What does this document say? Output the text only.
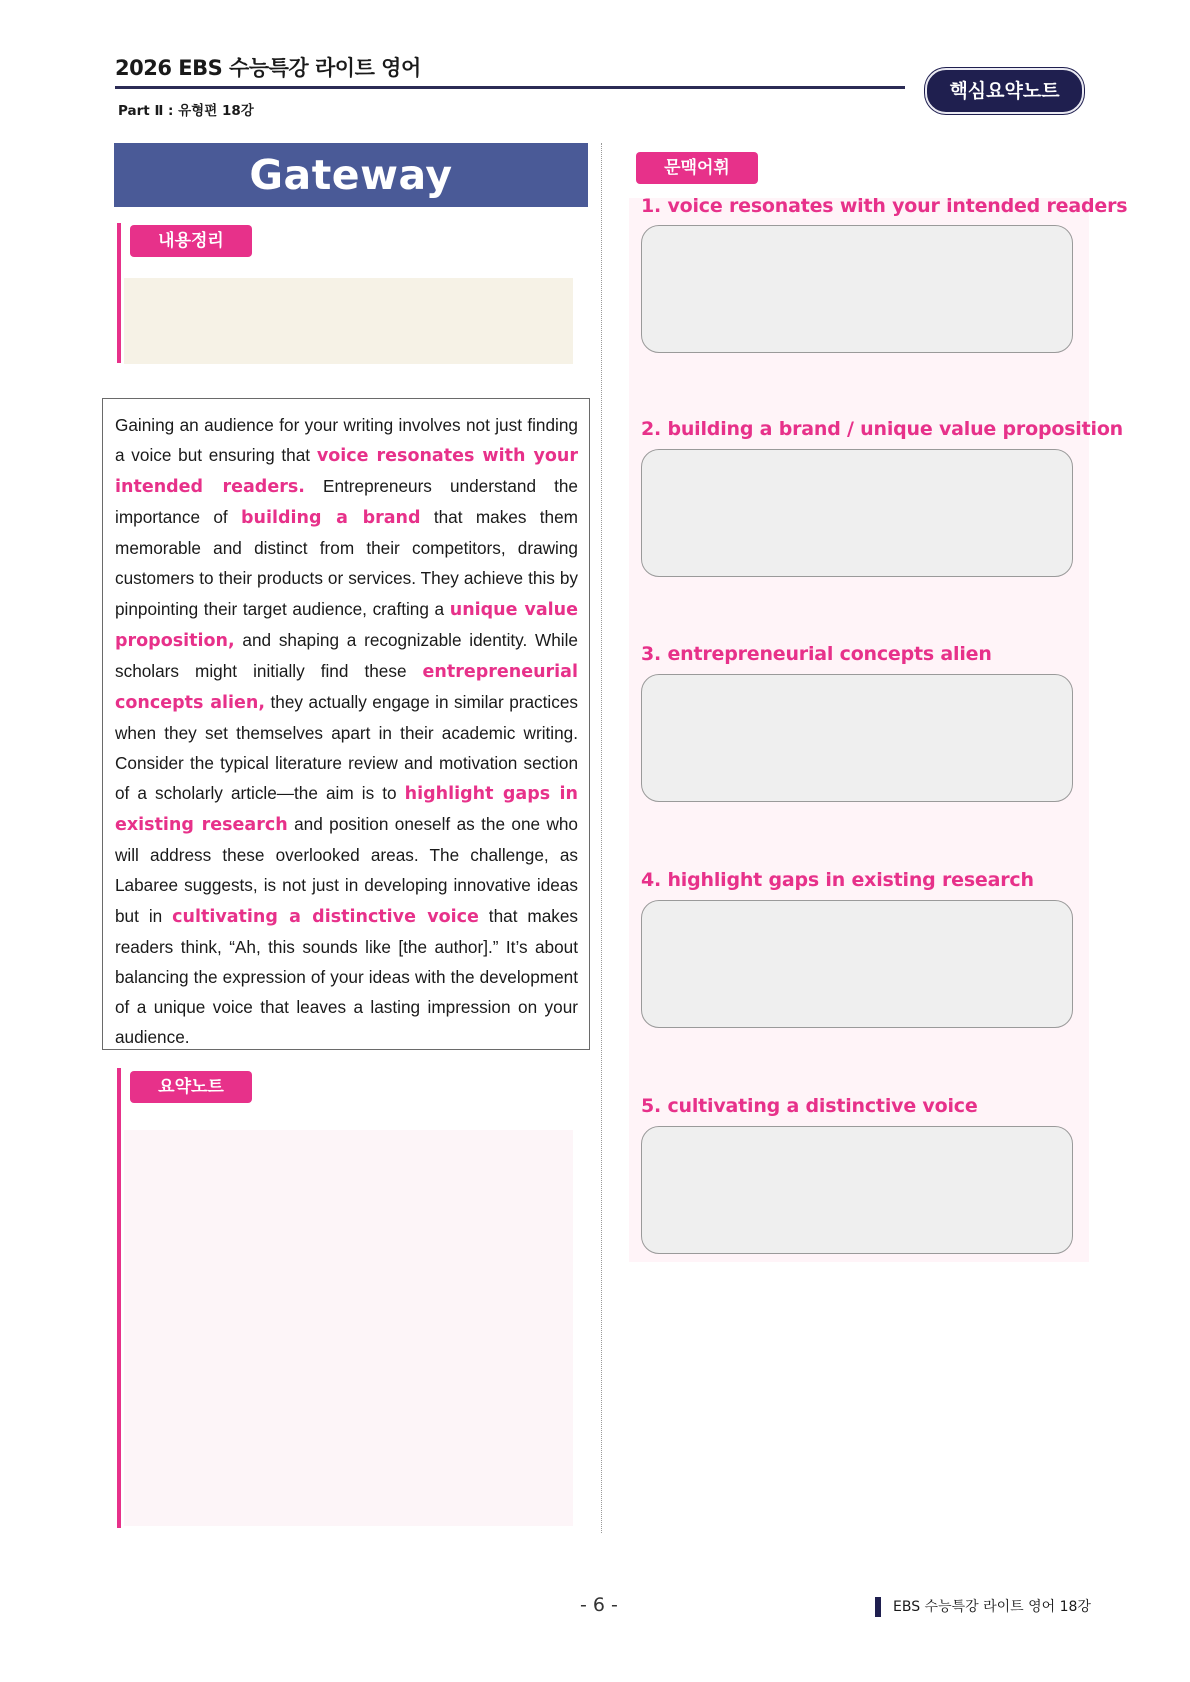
2026 EBS 수능특강 라이트 영어
Part Ⅱ : 유형편 18강
핵심요약노트
Gateway
내용정리

Gaining an audience for your writing involves not just finding a voice but ensuring that voice resonates with your intended readers. Entrepreneurs understand the importance of building a brand that makes them memorable and distinct from their competitors, drawing customers to their products or services. They achieve this by pinpointing their target audience, crafting a unique value proposition, and shaping a recognizable identity. While scholars might initially find these entrepreneurial concepts alien, they actually engage in similar practices when they set themselves apart in their academic writing. Consider the typical literature review and motivation section of a scholarly article—the aim is to highlight gaps in existing research and position oneself as the one who will address these overlooked areas. The challenge, as Labaree suggests, is not just in developing innovative ideas but in cultivating a distinctive voice that makes readers think, “Ah, this sounds like [the author].” It’s about balancing the expression of your ideas with the development of a unique voice that leaves a lasting impression on your audience.

요약노트
문맥어휘
1. voice resonates with your intended readers
2. building a brand / unique value proposition
3. entrepreneurial concepts alien
4. highlight gaps in existing research
5. cultivating a distinctive voice
- 6 -	EBS 수능특강 라이트 영어 18강
